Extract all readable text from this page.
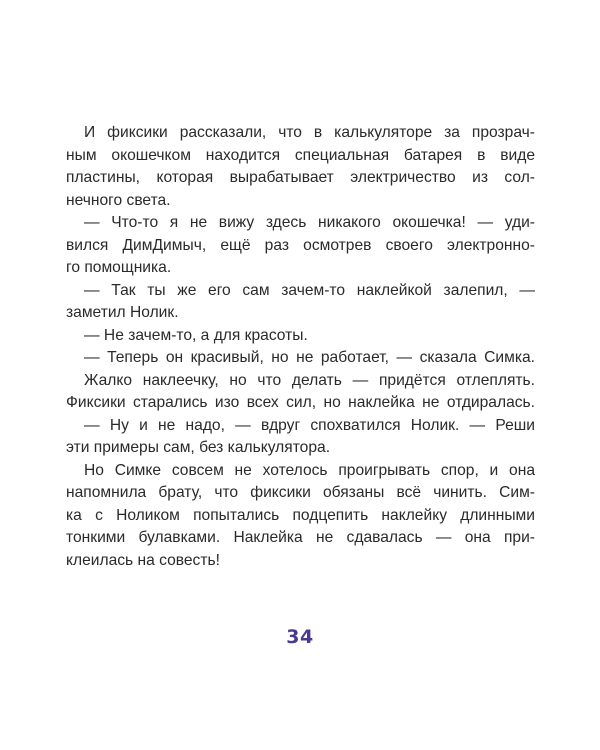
И фиксики рассказали, что в калькуляторе за прозрач-
ным окошечком находится специальная батарея в виде
пластины, которая вырабатывает электричество из сол-
нечного света.
— Что-то я не вижу здесь никакого окошечка! — уди-
вился ДимДимыч, ещё раз осмотрев своего электронно-
го помощника.
— Так ты же его сам зачем-то наклейкой залепил, —
заметил Нолик.
— Не зачем-то, а для красоты.
— Теперь он красивый, но не работает, — сказала Симка.
Жалко наклеечку, но что делать — придётся отлеплять.
Фиксики старались изо всех сил, но наклейка не отдиралась.
— Ну и не надо, — вдруг спохватился Нолик. — Реши
эти примеры сам, без калькулятора.
Но Симке совсем не хотелось проигрывать спор, и она
напомнила брату, что фиксики обязаны всё чинить. Сим-
ка с Ноликом попытались подцепить наклейку длинными
тонкими булавками. Наклейка не сдавалась — она при-
клеилась на совесть!
34
